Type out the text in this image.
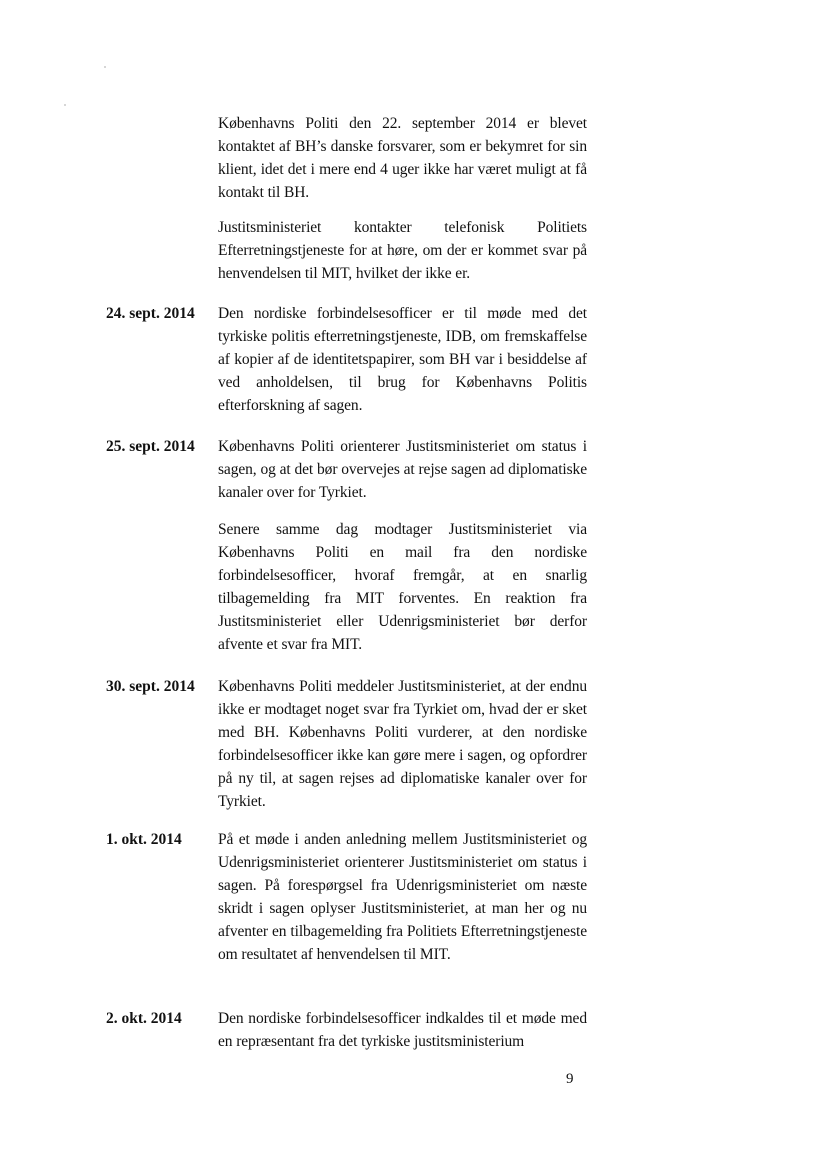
Københavns Politi den 22. september 2014 er blevet kontaktet af BH’s danske forsvarer, som er bekymret for sin klient, idet det i mere end 4 uger ikke har været muligt at få kontakt til BH.
Justitsministeriet kontakter telefonisk Politiets Efterretningstjeneste for at høre, om der er kommet svar på henvendelsen til MIT, hvilket der ikke er.
24. sept. 2014 Den nordiske forbindelsesofficer er til møde med det tyrkiske politis efterretningstjeneste, IDB, om fremskaffelse af kopier af de identitetspapirer, som BH var i besiddelse af ved anholdelsen, til brug for Københavns Politis efterforskning af sagen.
25. sept. 2014 Københavns Politi orienterer Justitsministeriet om status i sagen, og at det bør overvejes at rejse sagen ad diplomatiske kanaler over for Tyrkiet.
Senere samme dag modtager Justitsministeriet via Københavns Politi en mail fra den nordiske forbindelsesofficer, hvoraf fremgår, at en snarlig tilbagemelding fra MIT forventes. En reaktion fra Justitsministeriet eller Udenrigsministeriet bør derfor afvente et svar fra MIT.
30. sept. 2014 Københavns Politi meddeler Justitsministeriet, at der endnu ikke er modtaget noget svar fra Tyrkiet om, hvad der er sket med BH. Københavns Politi vurderer, at den nordiske forbindelsesofficer ikke kan gøre mere i sagen, og opfordrer på ny til, at sagen rejses ad diplomatiske kanaler over for Tyrkiet.
1. okt. 2014 På et møde i anden anledning mellem Justitsministeriet og Udenrigsministeriet orienterer Justitsministeriet om status i sagen. På forespørgsel fra Udenrigsministeriet om næste skridt i sagen oplyser Justitsministeriet, at man her og nu afventer en tilbagemelding fra Politiets Efterretningstjeneste om resultatet af henvendelsen til MIT.
2. okt. 2014 Den nordiske forbindelsesofficer indkaldes til et møde med en repræsentant fra det tyrkiske justitsministerium
9
